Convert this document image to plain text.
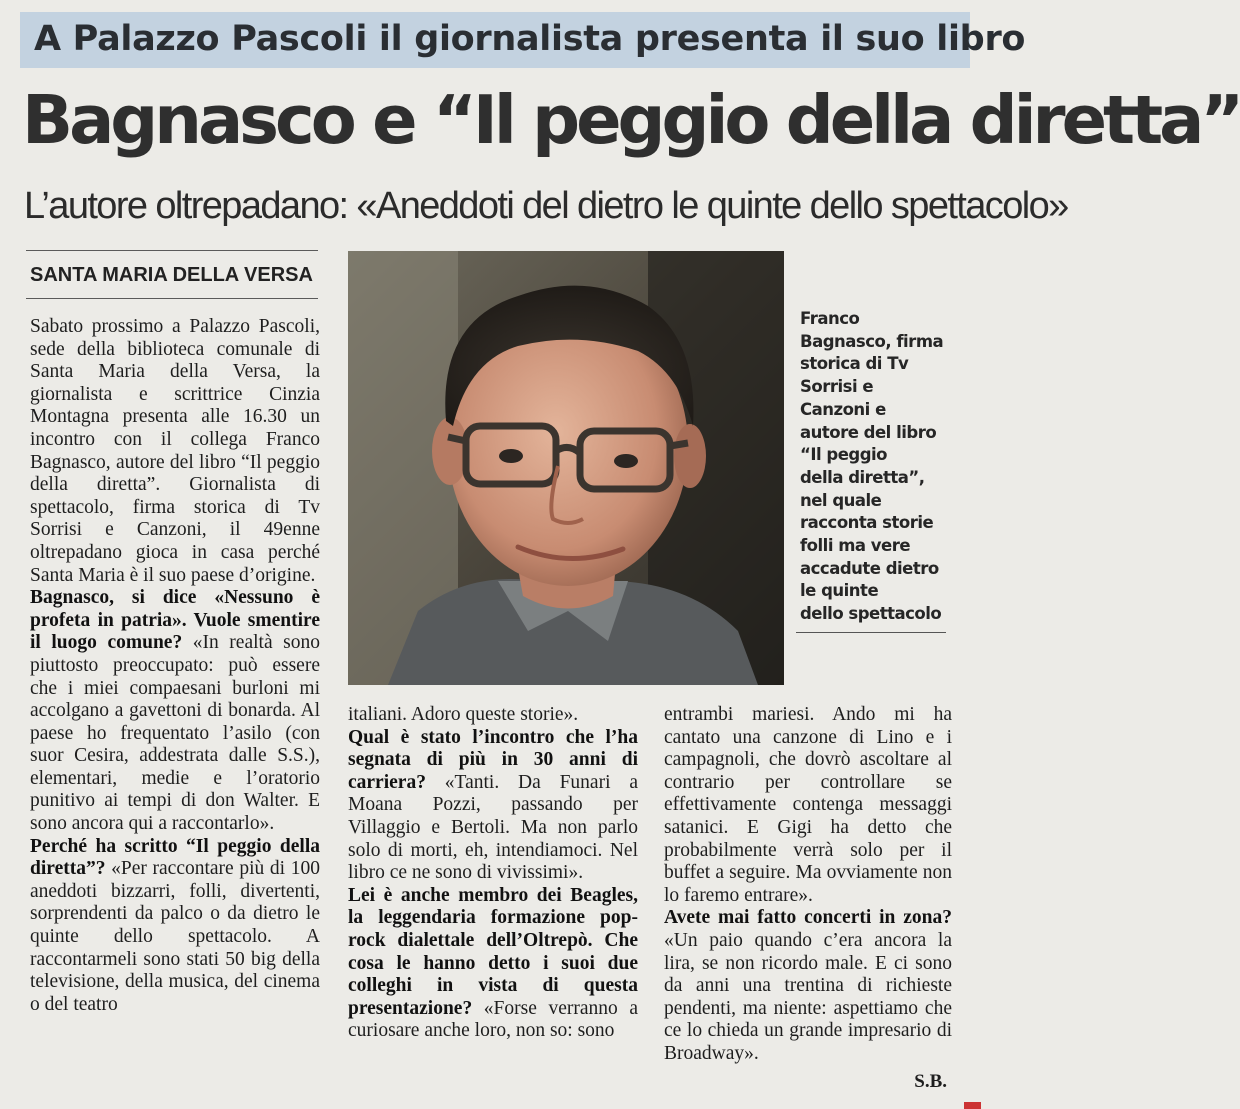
A Palazzo Pascoli il giornalista presenta il suo libro
Bagnasco e “Il peggio della diretta”
L’autore oltrepadano: «Aneddoti del dietro le quinte dello spettacolo»
SANTA MARIA DELLA VERSA

Sabato prossimo a Palazzo Pascoli, sede della biblioteca comunale di Santa Maria della Versa, la giornalista e scrittrice Cinzia Montagna presenta alle 16.30 un incontro con il collega Franco Bagnasco, autore del libro “Il peggio della diretta”. Giornalista di spettacolo, firma storica di Tv Sorrisi e Canzoni, il 49enne oltrepadano gioca in casa perché Santa Maria è il suo paese d’origine.

Bagnasco, si dice «Nessuno è profeta in patria». Vuole smentire il luogo comune? «In realtà sono piuttosto preoccupato: può essere che i miei compaesani burloni mi accolgano a gavettoni di bonarda. Al paese ho frequentato l’asilo (con suor Cesira, addestrata dalle S.S.), elementari, medie e l’oratorio punitivo ai tempi di don Walter. E sono ancora qui a raccontarlo».

Perché ha scritto “Il peggio della diretta”? «Per raccontare più di 100 aneddoti bizzarri, folli, divertenti, sorprendenti da palco o da dietro le quinte dello spettacolo. A raccontarmeli sono stati 50 big della televisione, della musica, del cinema o del teatro

Franco
Bagnasco, firma
storica di Tv
Sorrisi e
Canzoni e
autore del libro
“Il peggio
della diretta”,
nel quale
racconta storie
folli ma vere
accadute dietro
le quinte
dello spettacolo

italiani. Adoro queste storie».

Qual è stato l’incontro che l’ha segnata di più in 30 anni di carriera? «Tanti. Da Funari a Moana Pozzi, passando per Villaggio e Bertoli. Ma non parlo solo di morti, eh, intendiamoci. Nel libro ce ne sono di vivissimi».

Lei è anche membro dei Beagles, la leggendaria formazione pop-rock dialettale dell’Oltrepò. Che cosa le hanno detto i suoi due colleghi in vista di questa presentazione? «Forse verranno a curiosare anche loro, non so: sono

entrambi mariesi. Ando mi ha cantato una canzone di Lino e i campagnoli, che dovrò ascoltare al contrario per controllare se effettivamente contenga messaggi satanici. E Gigi ha detto che probabilmente verrà solo per il buffet a seguire. Ma ovviamente non lo faremo entrare».

Avete mai fatto concerti in zona? «Un paio quando c’era ancora la lira, se non ricordo male. E ci sono da anni una trentina di richieste pendenti, ma niente: aspettiamo che ce lo chieda un grande impresario di Broadway».

S.B.
